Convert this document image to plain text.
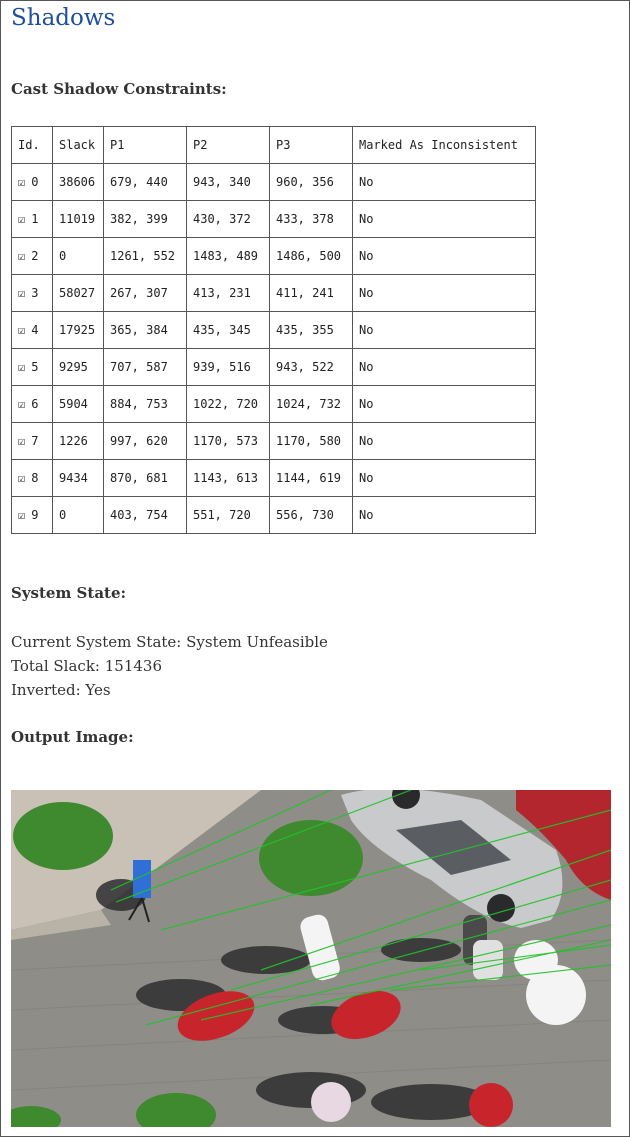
Shadows
Cast Shadow Constraints:
Id.	Slack	P1	P2	P3	Marked As Inconsistent
☑ 0	38606	679, 440	943, 340	960, 356	No
☑ 1	11019	382, 399	430, 372	433, 378	No
☑ 2	0	1261, 552	1483, 489	1486, 500	No
☑ 3	58027	267, 307	413, 231	411, 241	No
☑ 4	17925	365, 384	435, 345	435, 355	No
☑ 5	9295	707, 587	939, 516	943, 522	No
☑ 6	5904	884, 753	1022, 720	1024, 732	No
☑ 7	1226	997, 620	1170, 573	1170, 580	No
☑ 8	9434	870, 681	1143, 613	1144, 619	No
☑ 9	0	403, 754	551, 720	556, 730	No
System State:
Current System State: System Unfeasible
Total Slack: 151436
Inverted: Yes
Output Image:
